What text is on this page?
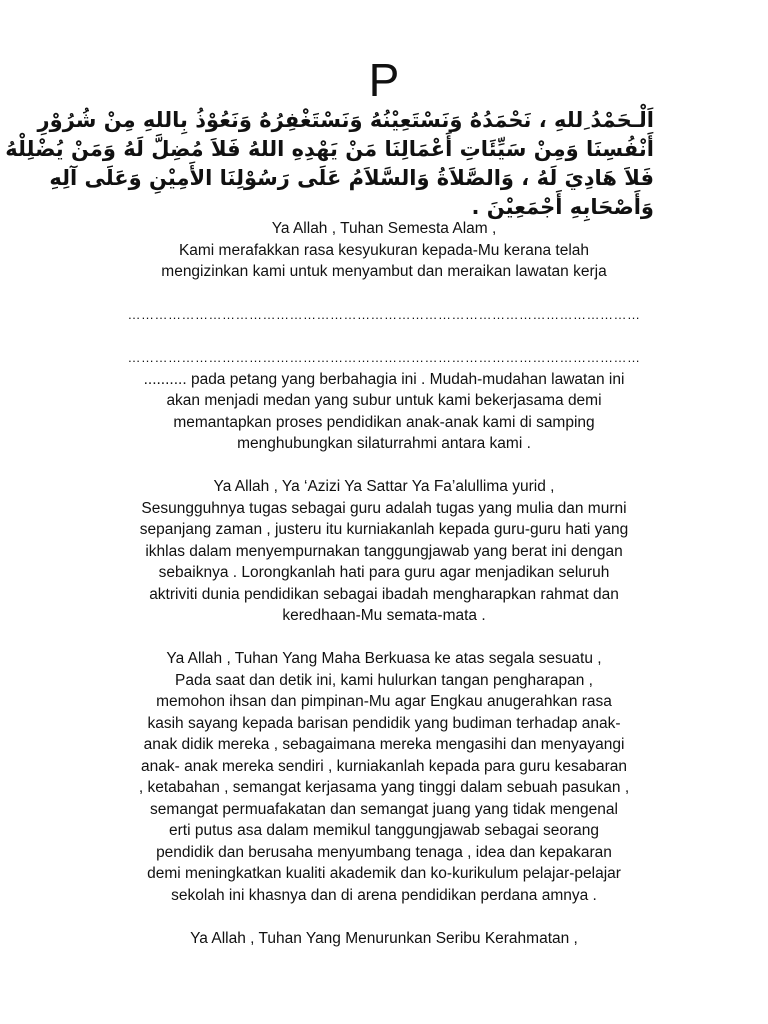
P
اَلْـحَمْدُ ِللهِ ، نَحْمَدُهُ وَنَسْتَعِيْنُهُ وَنَسْتَغْفِرُهُ وَنَعُوْذُ بِاللهِ مِنْ شُرُوْرِ
أَنْفُسِنَا وَمِنْ سَيِّئَاتِ أَعْمَالِنَا مَنْ يَهْدِهِ اللهُ فَلاَ مُضِلَّ لَهُ وَمَنْ يُضْلِلْهُ
فَلاَ هَادِيَ لَهُ ، وَالصَّلاَةُ وَالسَّلاَمُ عَلَى رَسُوْلِنَا الأَمِيْنِ وَعَلَى آلِهِ
وَأَصْحَابِهِ أَجْمَعِيْنَ .
Ya Allah , Tuhan Semesta Alam ,
Kami merafakkan rasa kesyukuran kepada-Mu kerana telah
mengizinkan kami untuk menyambut dan meraikan lawatan kerja
……………………………………………………………………………………………………
……………………………………………………………………………………………………
.......... pada petang yang berbahagia ini . Mudah-mudahan lawatan ini
akan menjadi medan yang subur untuk kami bekerjasama demi
memantapkan proses pendidikan anak-anak kami di samping
menghubungkan silaturrahmi antara kami .
Ya Allah , Ya ‘Azizi Ya Sattar Ya Fa’alullima yurid ,
Sesungguhnya tugas sebagai guru adalah tugas yang mulia dan murni
sepanjang zaman , justeru itu kurniakanlah kepada guru-guru hati yang
ikhlas dalam menyempurnakan tanggungjawab yang berat ini dengan
sebaiknya . Lorongkanlah hati para guru agar menjadikan seluruh
aktriviti dunia pendidikan sebagai ibadah mengharapkan rahmat dan
keredhaan-Mu semata-mata .
Ya Allah , Tuhan Yang Maha Berkuasa ke atas segala sesuatu ,
Pada saat dan detik ini, kami hulurkan tangan pengharapan ,
memohon ihsan dan pimpinan-Mu agar Engkau anugerahkan rasa
kasih sayang kepada barisan pendidik yang budiman terhadap anak-
anak didik mereka , sebagaimana mereka mengasihi dan menyayangi
anak- anak mereka sendiri , kurniakanlah kepada para guru kesabaran
, ketabahan , semangat kerjasama yang tinggi dalam sebuah pasukan ,
semangat permuafakatan dan semangat juang yang tidak mengenal
erti putus asa dalam memikul tanggungjawab sebagai seorang
pendidik dan berusaha menyumbang tenaga , idea dan kepakaran
demi meningkatkan kualiti akademik dan ko-kurikulum pelajar-pelajar
sekolah ini khasnya dan di arena pendidikan perdana amnya .
Ya Allah , Tuhan Yang Menurunkan Seribu Kerahmatan ,
